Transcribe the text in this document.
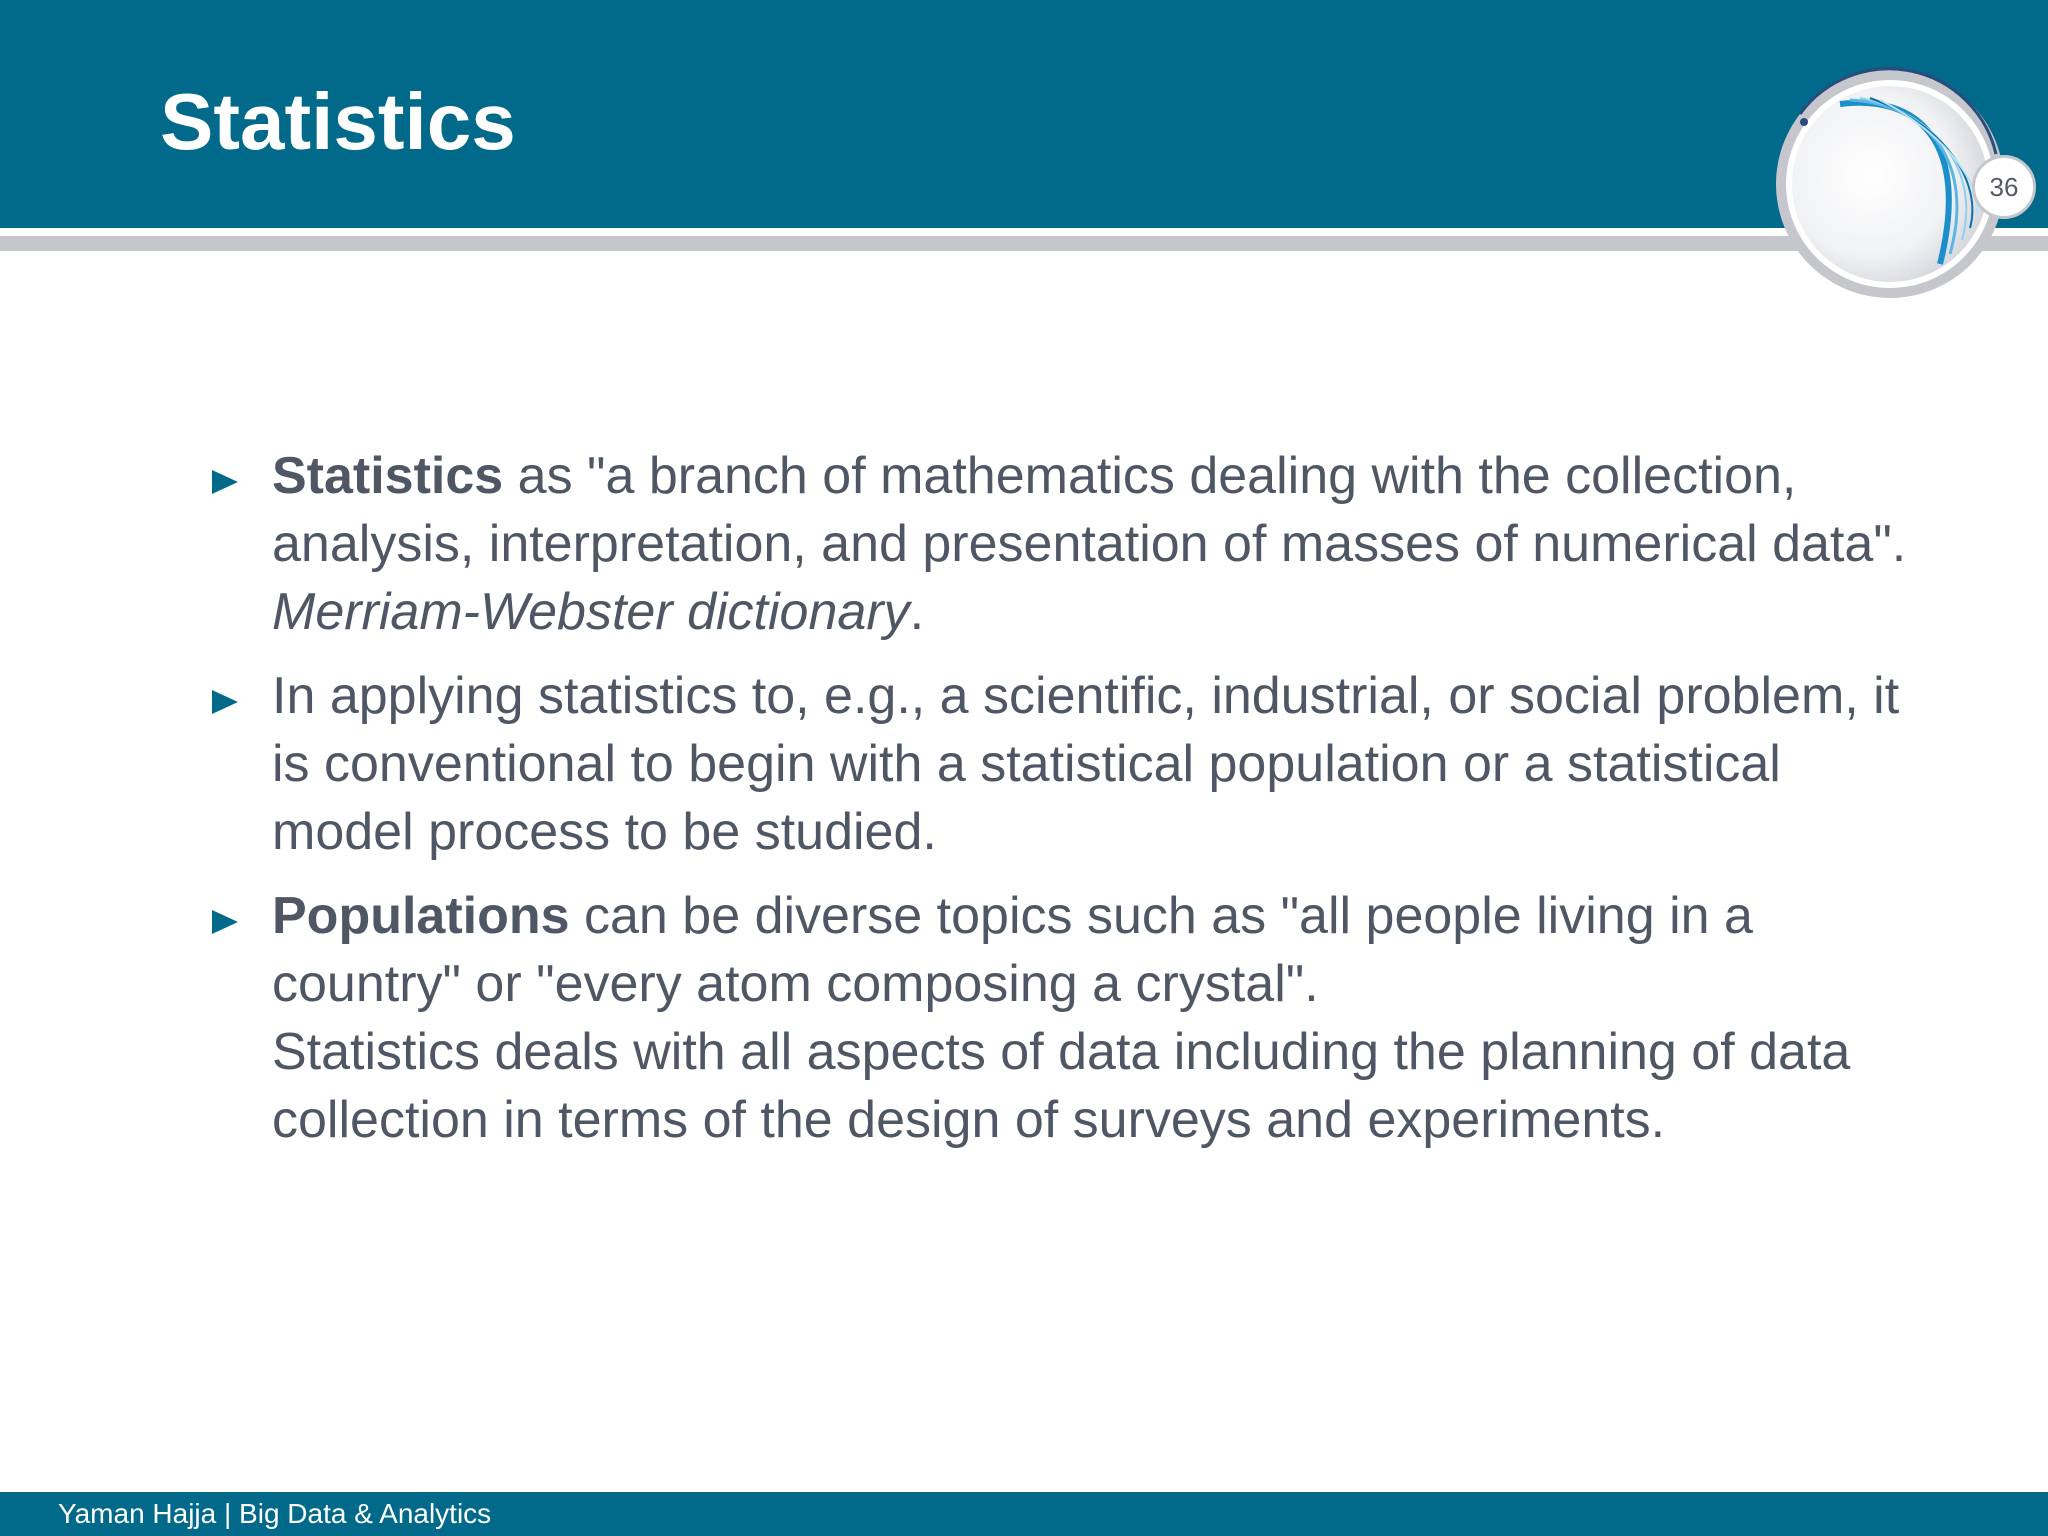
Statistics
36
Statistics as "a branch of mathematics dealing with the collection, analysis, interpretation, and presentation of masses of numerical data". Merriam-Webster dictionary.
In applying statistics to, e.g., a scientific, industrial, or social problem, it is conventional to begin with a statistical population or a statistical model process to be studied.
Populations can be diverse topics such as "all people living in a country" or "every atom composing a crystal".
Statistics deals with all aspects of data including the planning of data collection in terms of the design of surveys and experiments.
Yaman Hajja | Big Data & Analytics
